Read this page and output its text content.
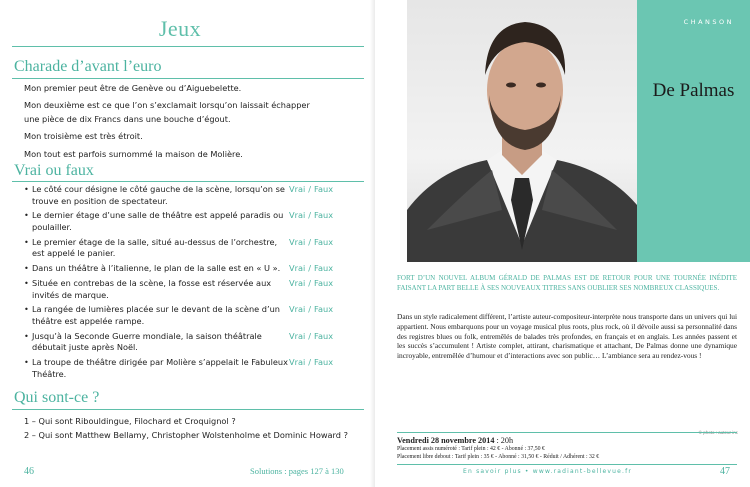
Jeux
Charade d’avant l’euro

Mon premier peut être de Genève ou d’Aiguebelette.

Mon deuxième est ce que l’on s’exclamait lorsqu’on laissait échapper

une pièce de dix Francs dans une bouche d’égout.

Mon troisième est très étroit.

Mon tout est parfois surnommé la maison de Molière.

Vrai ou faux
• Le côté cour désigne le côté gauche de la scène, lorsqu’on se trouve en position de spectateur.
Vrai / Faux
• Le dernier étage d’une salle de théâtre est appelé paradis ou poulailler.
Vrai / Faux
• Le premier étage de la salle, situé au-dessus de l’orchestre, est appelé le panier.
Vrai / Faux
• Dans un théâtre à l’italienne, le plan de la salle est en « U ». Vrai / Faux
• Située en contrebas de la scène, la fosse est réservée aux invités de marque.
Vrai / Faux
• La rangée de lumières placée sur le devant de la scène d’un théâtre est appelée rampe.
Vrai / Faux
• Jusqu’à la Seconde Guerre mondiale, la saison théâtrale débutait juste après Noël.
Vrai / Faux
• La troupe de théâtre dirigée par Molière s’appelait le Fabuleux Théâtre.
Vrai / Faux
Qui sont-ce ?
1 – Qui sont Ribouldingue, Filochard et Croquignol ?
2 – Qui sont Matthew Bellamy, Christopher Wolstenholme et Dominic Howard ?
46	Solutions : pages 127 à 130
CHANSON
De Palmas
FORT D’UN NOUVEL ALBUM GÉRALD DE PALMAS EST DE RETOUR POUR UNE TOURNÉE INÉDITE FAISANT LA PART BELLE À SES NOUVEAUX TITRES SANS OUBLIER SES NOMBREUX CLASSIQUES.
Dans un style radicalement différent, l’artiste auteur-compositeur-interprète nous transporte dans un univers qui lui appartient. Nous embarquons pour un voyage musical plus roots, plus rock, où il dévoile aussi sa personnalité dans des registres blues ou folk, entremêlés de balades très profondes, en français et en anglais. Les années passent et les succès s’accumulent ! Artiste complet, attirant, charismatique et attachant, De Palmas donne une dynamique incroyable, entremêlée d’humour et d’interactions avec son public… L’ambiance sera au rendez-vous !
© photo : auteur inc
Vendredi 28 novembre 2014 : 20h
Placement assis numéroté : Tarif plein : 42 € - Abonné : 37,50 €
Placement libre debout : Tarif plein : 35 € - Abonné : 31,50 € - Réduit / Adhérent : 32 €
En savoir plus • www.radiant-bellevue.fr	47
